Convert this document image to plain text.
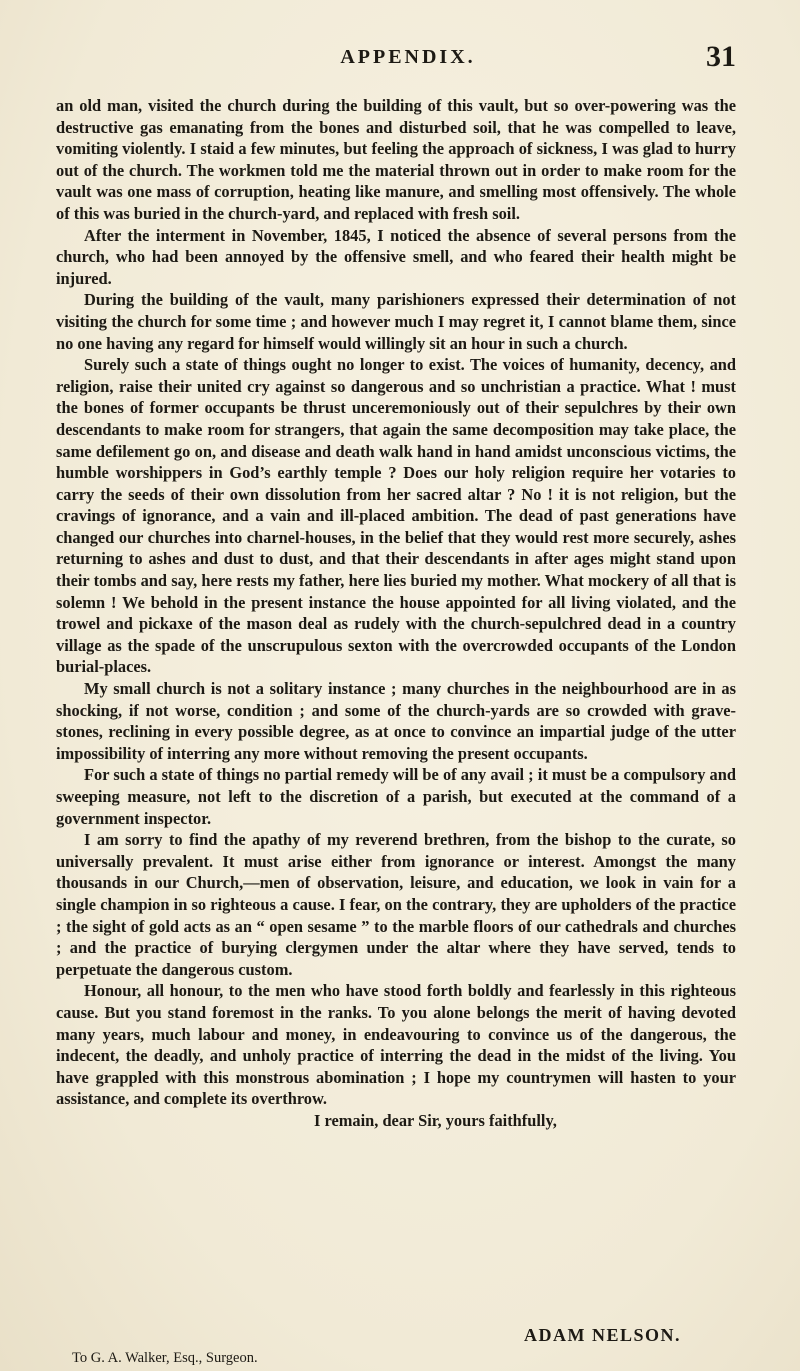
APPENDIX.	31

an old man, visited the church during the building of this vault, but so over-powering was the destructive gas emanating from the bones and disturbed soil, that he was compelled to leave, vomiting violently. I staid a few minutes, but feeling the approach of sickness, I was glad to hurry out of the church. The workmen told me the material thrown out in order to make room for the vault was one mass of corruption, heating like manure, and smelling most offensively. The whole of this was buried in the church-yard, and replaced with fresh soil.

After the interment in November, 1845, I noticed the absence of several persons from the church, who had been annoyed by the offensive smell, and who feared their health might be injured.

During the building of the vault, many parishioners expressed their determination of not visiting the church for some time ; and however much I may regret it, I cannot blame them, since no one having any regard for himself would willingly sit an hour in such a church.

Surely such a state of things ought no longer to exist. The voices of humanity, decency, and religion, raise their united cry against so dangerous and so unchristian a practice. What ! must the bones of former occupants be thrust unceremoniously out of their sepulchres by their own descendants to make room for strangers, that again the same decomposition may take place, the same defilement go on, and disease and death walk hand in hand amidst unconscious victims, the humble worshippers in God’s earthly temple ? Does our holy religion require her votaries to carry the seeds of their own dissolution from her sacred altar ? No ! it is not religion, but the cravings of ignorance, and a vain and ill-placed ambition. The dead of past generations have changed our churches into charnel-houses, in the belief that they would rest more securely, ashes returning to ashes and dust to dust, and that their descendants in after ages might stand upon their tombs and say, here rests my father, here lies buried my mother. What mockery of all that is solemn ! We behold in the present instance the house appointed for all living violated, and the trowel and pickaxe of the mason deal as rudely with the church-sepulchred dead in a country village as the spade of the unscrupulous sexton with the overcrowded occupants of the London burial-places.

My small church is not a solitary instance ; many churches in the neighbourhood are in as shocking, if not worse, condition ; and some of the church-yards are so crowded with grave-stones, reclining in every possible degree, as at once to convince an impartial judge of the utter impossibility of interring any more without removing the present occupants.

For such a state of things no partial remedy will be of any avail ; it must be a compulsory and sweeping measure, not left to the discretion of a parish, but executed at the command of a government inspector.

I am sorry to find the apathy of my reverend brethren, from the bishop to the curate, so universally prevalent. It must arise either from ignorance or interest. Amongst the many thousands in our Church,—men of observation, leisure, and education, we look in vain for a single champion in so righteous a cause. I fear, on the contrary, they are upholders of the practice ; the sight of gold acts as an “ open sesame ” to the marble floors of our cathedrals and churches ; and the practice of burying clergymen under the altar where they have served, tends to perpetuate the dangerous custom.

Honour, all honour, to the men who have stood forth boldly and fearlessly in this righteous cause. But you stand foremost in the ranks. To you alone belongs the merit of having devoted many years, much labour and money, in endeavouring to convince us of the dangerous, the indecent, the deadly, and unholy practice of interring the dead in the midst of the living. You have grappled with this monstrous abomination ; I hope my countrymen will hasten to your assistance, and complete its overthrow.

I remain, dear Sir, yours faithfully,

ADAM NELSON.
To G. A. Walker, Esq., Surgeon.
